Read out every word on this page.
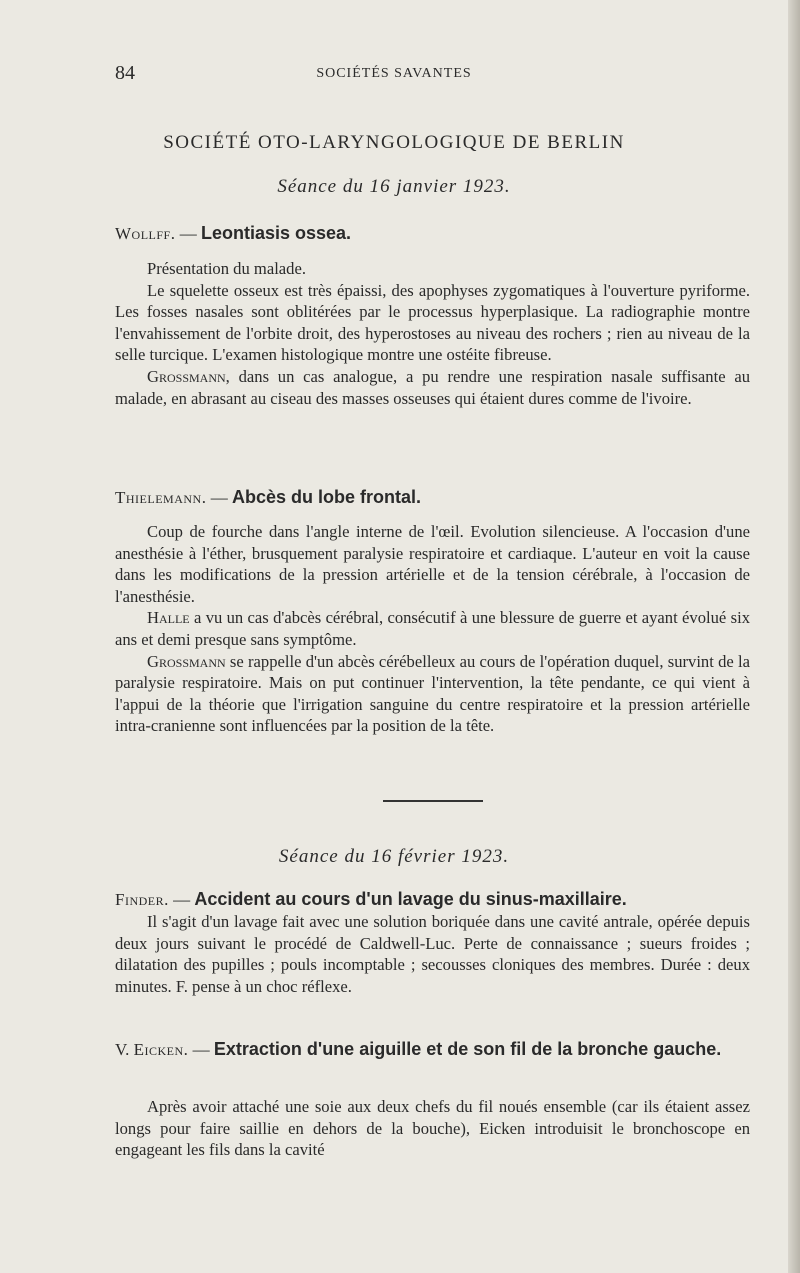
84	SOCIÉTÉS SAVANTES
SOCIÉTÉ OTO-LARYNGOLOGIQUE DE BERLIN
Séance du 16 janvier 1923.
Wollff. — Leontiasis ossea.

Présentation du malade.

Le squelette osseux est très épaissi, des apophyses zygomatiques à l'ouverture pyriforme. Les fosses nasales sont oblitérées par le processus hyperplasique. La radiographie montre l'envahissement de l'orbite droit, des hyperostoses au niveau des rochers ; rien au niveau de la selle turcique. L'examen histologique montre une ostéite fibreuse.

Grossmann, dans un cas analogue, a pu rendre une respiration nasale suffisante au malade, en abrasant au ciseau des masses osseuses qui étaient dures comme de l'ivoire.

Thielemann. — Abcès du lobe frontal.

Coup de fourche dans l'angle interne de l'œil. Evolution silencieuse. A l'occasion d'une anesthésie à l'éther, brusquement paralysie respiratoire et cardiaque. L'auteur en voit la cause dans les modifications de la pression artérielle et de la tension cérébrale, à l'occasion de l'anesthésie.

Halle a vu un cas d'abcès cérébral, consécutif à une blessure de guerre et ayant évolué six ans et demi presque sans symptôme.

Grossmann se rappelle d'un abcès cérébelleux au cours de l'opération duquel, survint de la paralysie respiratoire. Mais on put continuer l'intervention, la tête pendante, ce qui vient à l'appui de la théorie que l'irrigation sanguine du centre respiratoire et la pression artérielle intra-cranienne sont influencées par la position de la tête.

Séance du 16 février 1923.
Finder. — Accident au cours d'un lavage du sinus-maxillaire.

Il s'agit d'un lavage fait avec une solution boriquée dans une cavité antrale, opérée depuis deux jours suivant le procédé de Caldwell-Luc. Perte de connaissance ; sueurs froides ; dilatation des pupilles ; pouls incomptable ; secousses cloniques des membres. Durée : deux minutes. F. pense à un choc réflexe.

V. Eicken. — Extraction d'une aiguille et de son fil de la bronche gauche.

Après avoir attaché une soie aux deux chefs du fil noués ensemble (car ils étaient assez longs pour faire saillie en dehors de la bouche), Eicken introduisit le bronchoscope en engageant les fils dans la cavité
